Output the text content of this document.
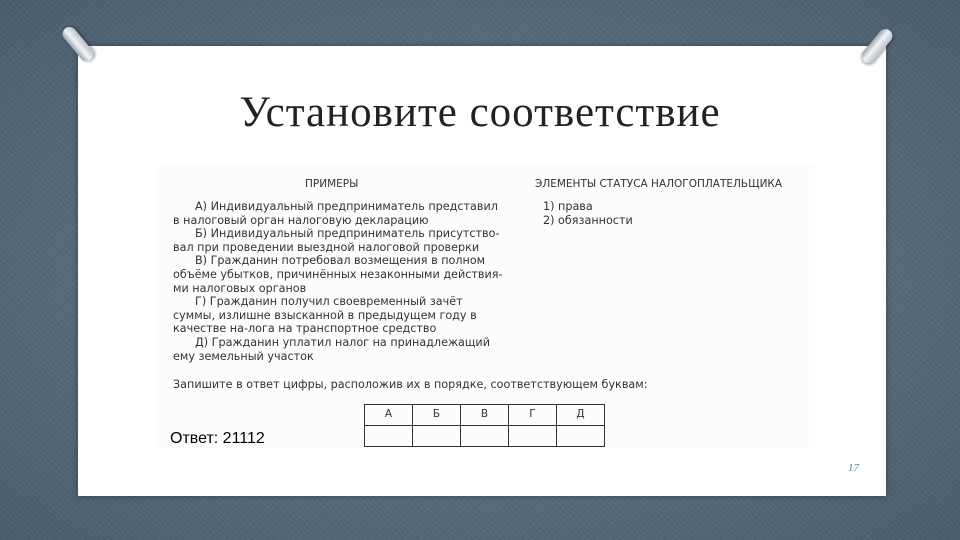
Установите соответствие
ПРИМЕРЫ	ЭЛЕМЕНТЫ СТАТУСА НАЛОГОПЛАТЕЛЬЩИКА
А) Индивидуальный предприниматель представил в налоговый орган налоговую декларацию
Б) Индивидуальный предприниматель присутство-вал при проведении выездной налоговой проверки
В) Гражданин потребовал возмещения в полном объёме убытков, причинённых незаконными действия-ми налоговых органов
Г) Гражданин получил своевременный зачёт суммы, излишне взысканной в предыдущем году в качестве на-лога на транспортное средство
Д) Гражданин уплатил налог на принадлежащий ему земельный участок
1) права
2) обязанности
Запишите в ответ цифры, расположив их в порядке, соответствующем буквам:
А	Б	В	Г	Д

Ответ: 21112
17
